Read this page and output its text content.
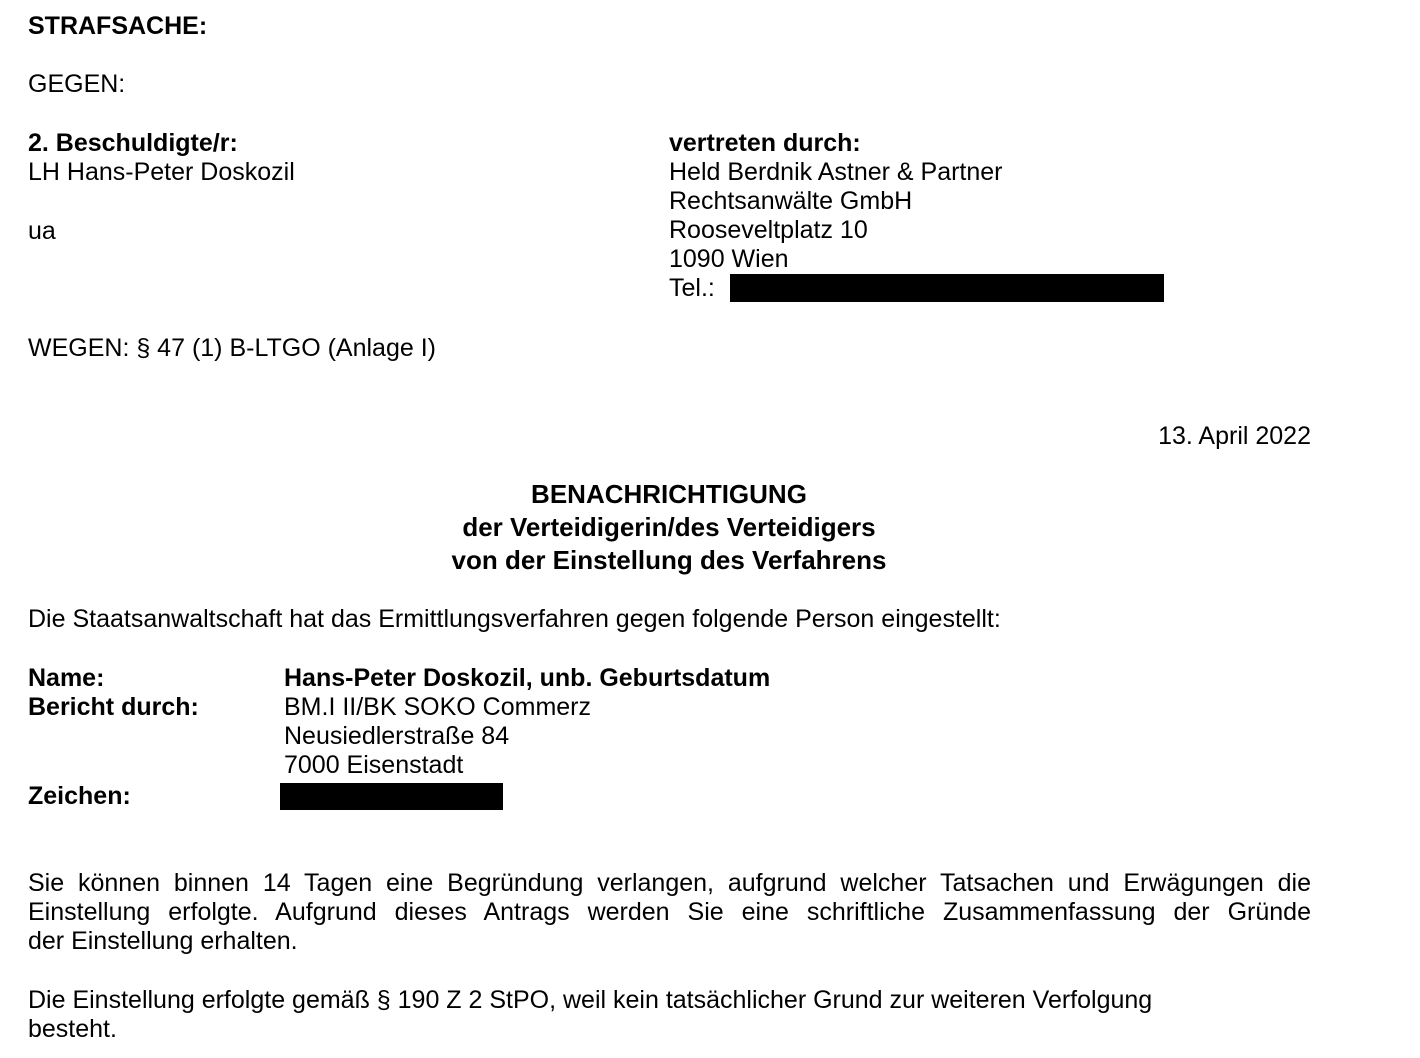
STRAFSACHE:
GEGEN:
2. Beschuldigte/r:
LH Hans-Peter Doskozil
ua
vertreten durch:
Held Berdnik Astner & Partner
Rechtsanwälte GmbH
Rooseveltplatz 10
1090 Wien
Tel.:
WEGEN: § 47 (1) B-LTGO (Anlage I)
13. April 2022
BENACHRICHTIGUNG
der Verteidigerin/des Verteidigers
von der Einstellung des Verfahrens
Die Staatsanwaltschaft hat das Ermittlungsverfahren gegen folgende Person eingestellt:
Name:	Hans-Peter Doskozil, unb. Geburtsdatum
Bericht durch:	BM.I II/BK SOKO Commerz
Neusiedlerstraße 84
7000 Eisenstadt
Zeichen:
Sie können binnen 14 Tagen eine Begründung verlangen, aufgrund welcher Tatsachen und Erwägungen die
Einstellung erfolgte. Aufgrund dieses Antrags werden Sie eine schriftliche Zusammenfassung der Gründe
der Einstellung erhalten.
Die Einstellung erfolgte gemäß § 190 Z 2 StPO, weil kein tatsächlicher Grund zur weiteren Verfolgung
besteht.
